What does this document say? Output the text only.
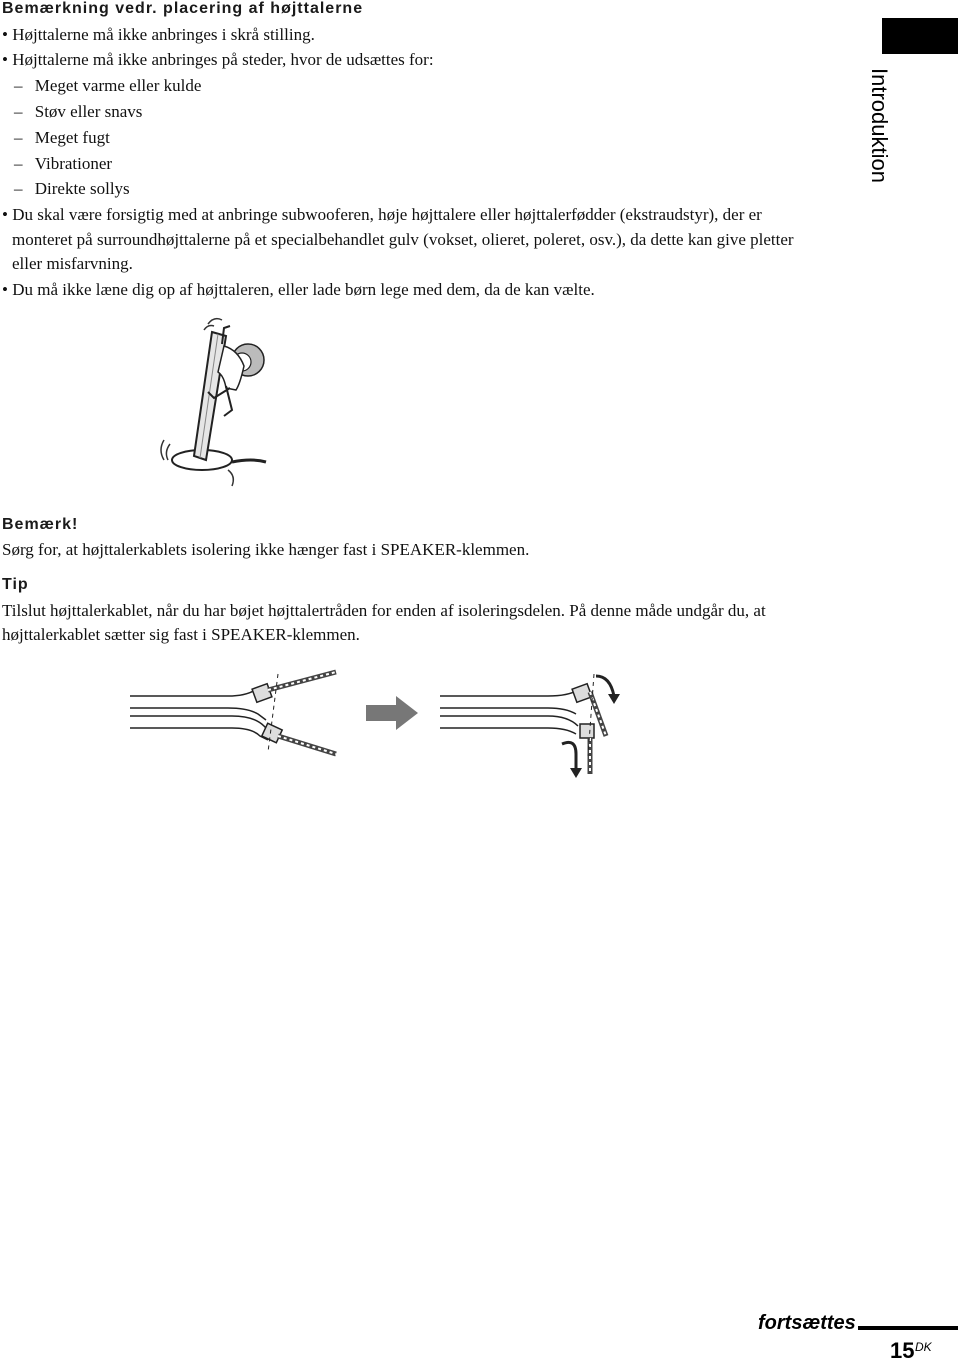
Bemærkning vedr. placering af højttalerne
• Højttalerne må ikke anbringes i skrå stilling.
• Højttalerne må ikke anbringes på steder, hvor de udsættes for:
– Meget varme eller kulde
– Støv eller snavs
– Meget fugt
– Vibrationer
– Direkte sollys
• Du skal være forsigtig med at anbringe subwooferen, høje højttalere eller højttalerfødder (ekstraudstyr), der er
monteret på surroundhøjttalerne på et specialbehandlet gulv (vokset, olieret, poleret, osv.), da dette kan give pletter
eller misfarvning.
• Du må ikke læne dig op af højttaleren, eller lade børn lege med dem, da de kan vælte.
Bemærk!
Sørg for, at højttalerkablets isolering ikke hænger fast i SPEAKER-klemmen.
Tip
Tilslut højttalerkablet, når du har bøjet højttalertråden for enden af isoleringsdelen. På denne måde undgår du, at
højttalerkablet sætter sig fast i SPEAKER-klemmen.
Introduktion
fortsættes
15 DK
